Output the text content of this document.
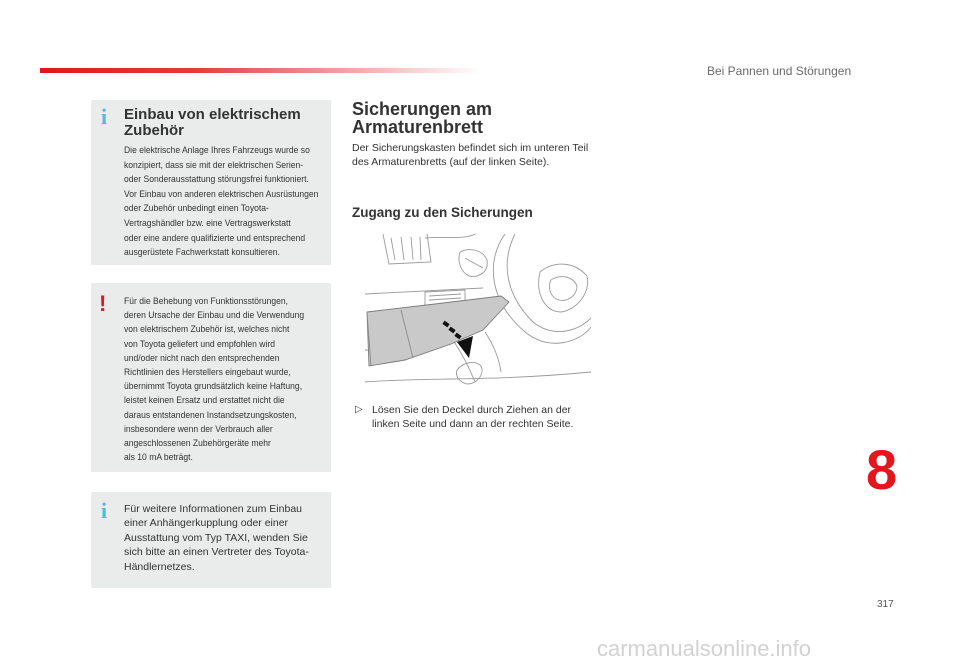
Bei Pannen und Störungen
i Einbau von elektrischem Zubehör
Die elektrische Anlage Ihres Fahrzeugs wurde so
konzipiert, dass sie mit der elektrischen Serien-
oder Sonderausstattung störungsfrei funktioniert.
Vor Einbau von anderen elektrischen Ausrüstungen
oder Zubehör unbedingt einen Toyota-
Vertragshändler bzw. eine Vertragswerkstatt
oder eine andere qualifizierte und entsprechend
ausgerüstete Fachwerkstatt konsultieren.
! Für die Behebung von Funktionsstörungen,
deren Ursache der Einbau und die Verwendung
von elektrischem Zubehör ist, welches nicht
von Toyota geliefert und empfohlen wird
und/oder nicht nach den entsprechenden
Richtlinien des Herstellers eingebaut wurde,
übernimmt Toyota grundsätzlich keine Haftung,
leistet keinen Ersatz und erstattet nicht die
daraus entstandenen Instandsetzungskosten,
insbesondere wenn der Verbrauch aller
angeschlossenen Zubehörgeräte mehr
als 10 mA beträgt.
i Für weitere Informationen zum Einbau
einer Anhängerkupplung oder einer
Ausstattung vom Typ TAXI, wenden Sie
sich bitte an einen Vertreter des Toyota-
Händlernetzes.
Sicherungen am Armaturenbrett
Der Sicherungskasten befindet sich im unteren Teil des Armaturenbretts (auf der linken Seite).
Zugang zu den Sicherungen
▷ Lösen Sie den Deckel durch Ziehen an der linken Seite und dann an der rechten Seite.
8
317
carmanualsonline.info
